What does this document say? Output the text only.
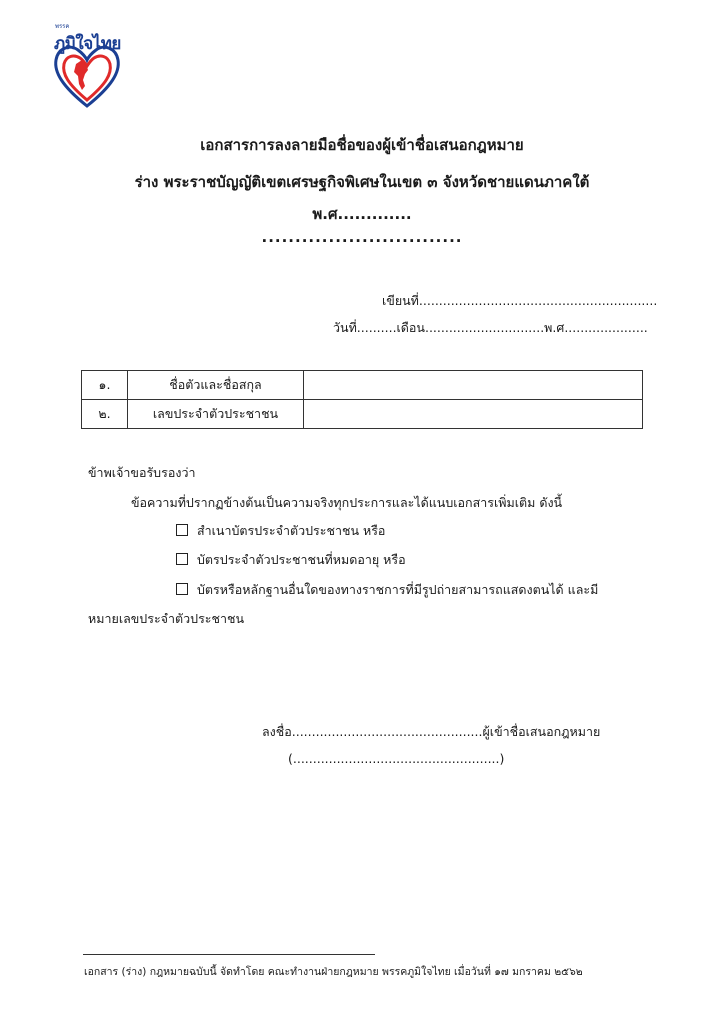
พรรค
ภูมิใจไทย
เอกสารการลงลายมือชื่อของผู้เข้าชื่อเสนอกฎหมาย
ร่าง พระราชบัญญัติเขตเศรษฐกิจพิเศษในเขต ๓ จังหวัดชายแดนภาคใต้
พ.ศ.............
..............................
เขียนที่............................................................
วันที่..........เดือน..............................พ.ศ.....................
๑.	ชื่อตัวและชื่อสกุล	
๒.	เลขประจำตัวประชาชน	
ข้าพเจ้าขอรับรองว่า
ข้อความที่ปรากฏข้างต้นเป็นความจริงทุกประการและได้แนบเอกสารเพิ่มเติม ดังนี้
สำเนาบัตรประจำตัวประชาชน หรือ
บัตรประจำตัวประชาชนที่หมดอายุ หรือ
บัตรหรือหลักฐานอื่นใดของทางราชการที่มีรูปถ่ายสามารถแสดงตนได้ และมี
หมายเลขประจำตัวประชาชน
ลงชื่อ................................................ผู้เข้าชื่อเสนอกฎหมาย
(....................................................)
เอกสาร (ร่าง) กฎหมายฉบับนี้ จัดทำโดย คณะทำงานฝ่ายกฎหมาย พรรคภูมิใจไทย เมื่อวันที่ ๑๗ มกราคม ๒๕๖๒
